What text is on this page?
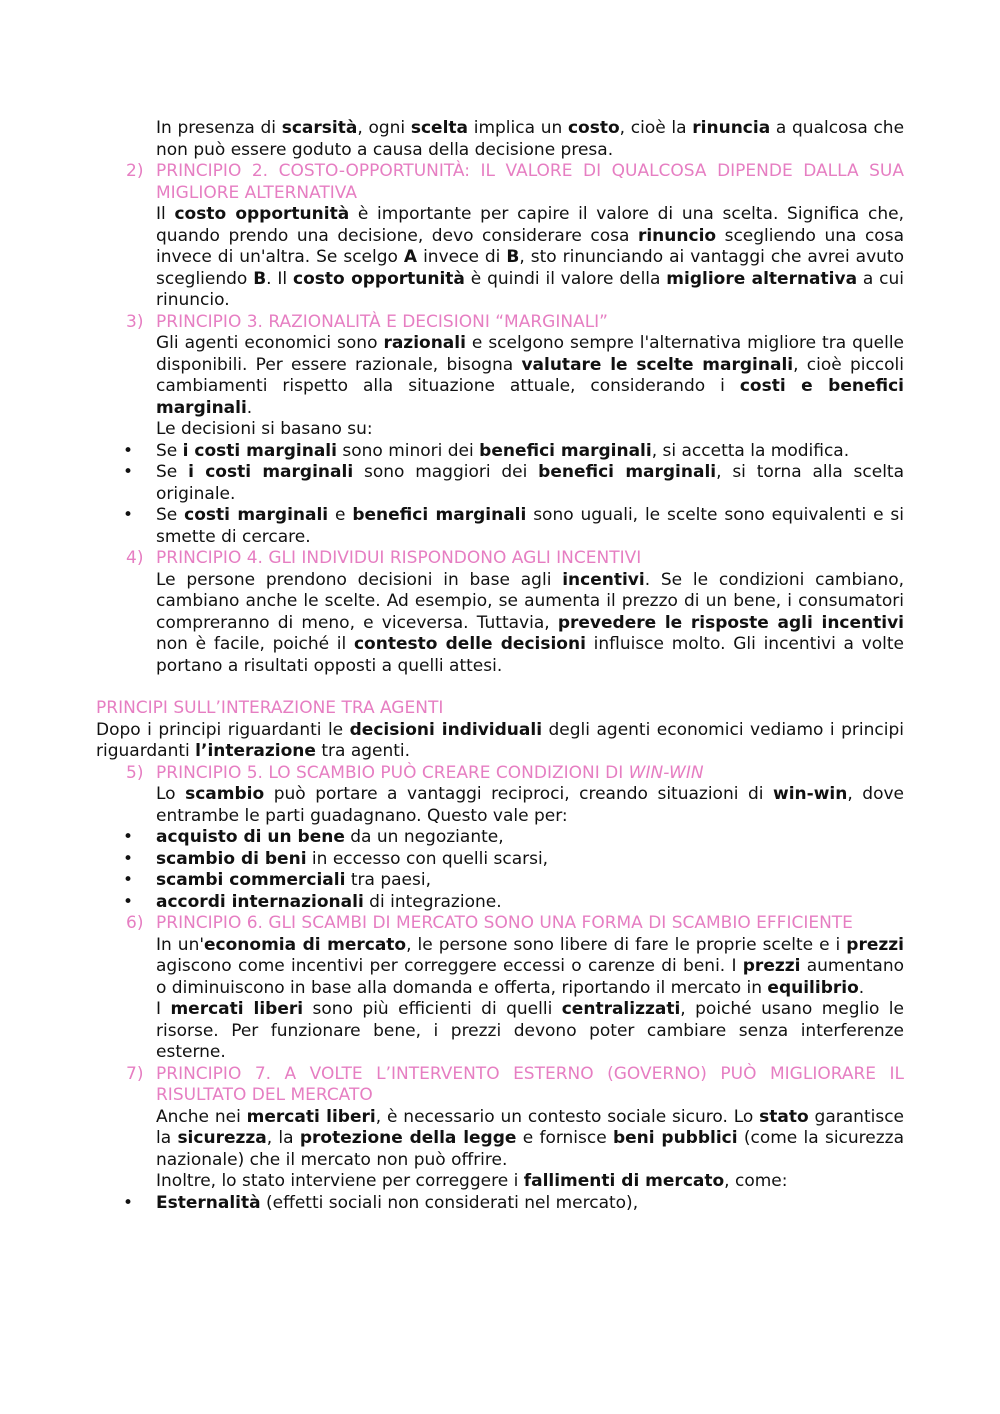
In presenza di scarsità, ogni scelta implica un costo, cioè la rinuncia a qualcosa che non può essere goduto a causa della decisione presa.
2) PRINCIPIO 2. COSTO-OPPORTUNITÀ: IL VALORE DI QUALCOSA DIPENDE DALLA SUA MIGLIORE ALTERNATIVA
Il costo opportunità è importante per capire il valore di una scelta. Significa che, quando prendo una decisione, devo considerare cosa rinuncio scegliendo una cosa invece di un'altra. Se scelgo A invece di B, sto rinunciando ai vantaggi che avrei avuto scegliendo B. Il costo opportunità è quindi il valore della migliore alternativa a cui rinuncio.
3) PRINCIPIO 3. RAZIONALITÀ E DECISIONI “MARGINALI”
Gli agenti economici sono razionali e scelgono sempre l'alternativa migliore tra quelle disponibili. Per essere razionale, bisogna valutare le scelte marginali, cioè piccoli cambiamenti rispetto alla situazione attuale, considerando i costi e benefici marginali.
Le decisioni si basano su:
• Se i costi marginali sono minori dei benefici marginali, si accetta la modifica.
• Se i costi marginali sono maggiori dei benefici marginali, si torna alla scelta originale.
• Se costi marginali e benefici marginali sono uguali, le scelte sono equivalenti e si smette di cercare.
4) PRINCIPIO 4. GLI INDIVIDUI RISPONDONO AGLI INCENTIVI
Le persone prendono decisioni in base agli incentivi. Se le condizioni cambiano, cambiano anche le scelte. Ad esempio, se aumenta il prezzo di un bene, i consumatori compreranno di meno, e viceversa. Tuttavia, prevedere le risposte agli incentivi non è facile, poiché il contesto delle decisioni influisce molto. Gli incentivi a volte portano a risultati opposti a quelli attesi.
PRINCIPI SULL’INTERAZIONE TRA AGENTI
Dopo i principi riguardanti le decisioni individuali degli agenti economici vediamo i principi riguardanti l’interazione tra agenti.
5) PRINCIPIO 5. LO SCAMBIO PUÒ CREARE CONDIZIONI DI WIN-WIN
Lo scambio può portare a vantaggi reciproci, creando situazioni di win-win, dove entrambe le parti guadagnano. Questo vale per:
• acquisto di un bene da un negoziante,
• scambio di beni in eccesso con quelli scarsi,
• scambi commerciali tra paesi,
• accordi internazionali di integrazione.
6) PRINCIPIO 6. GLI SCAMBI DI MERCATO SONO UNA FORMA DI SCAMBIO EFFICIENTE
In un'economia di mercato, le persone sono libere di fare le proprie scelte e i prezzi agiscono come incentivi per correggere eccessi o carenze di beni. I prezzi aumentano o diminuiscono in base alla domanda e offerta, riportando il mercato in equilibrio.
I mercati liberi sono più efficienti di quelli centralizzati, poiché usano meglio le risorse. Per funzionare bene, i prezzi devono poter cambiare senza interferenze esterne.
7) PRINCIPIO 7. A VOLTE L’INTERVENTO ESTERNO (GOVERNO) PUÒ MIGLIORARE IL RISULTATO DEL MERCATO
Anche nei mercati liberi, è necessario un contesto sociale sicuro. Lo stato garantisce la sicurezza, la protezione della legge e fornisce beni pubblici (come la sicurezza nazionale) che il mercato non può offrire.
Inoltre, lo stato interviene per correggere i fallimenti di mercato, come:
• Esternalità (effetti sociali non considerati nel mercato),
